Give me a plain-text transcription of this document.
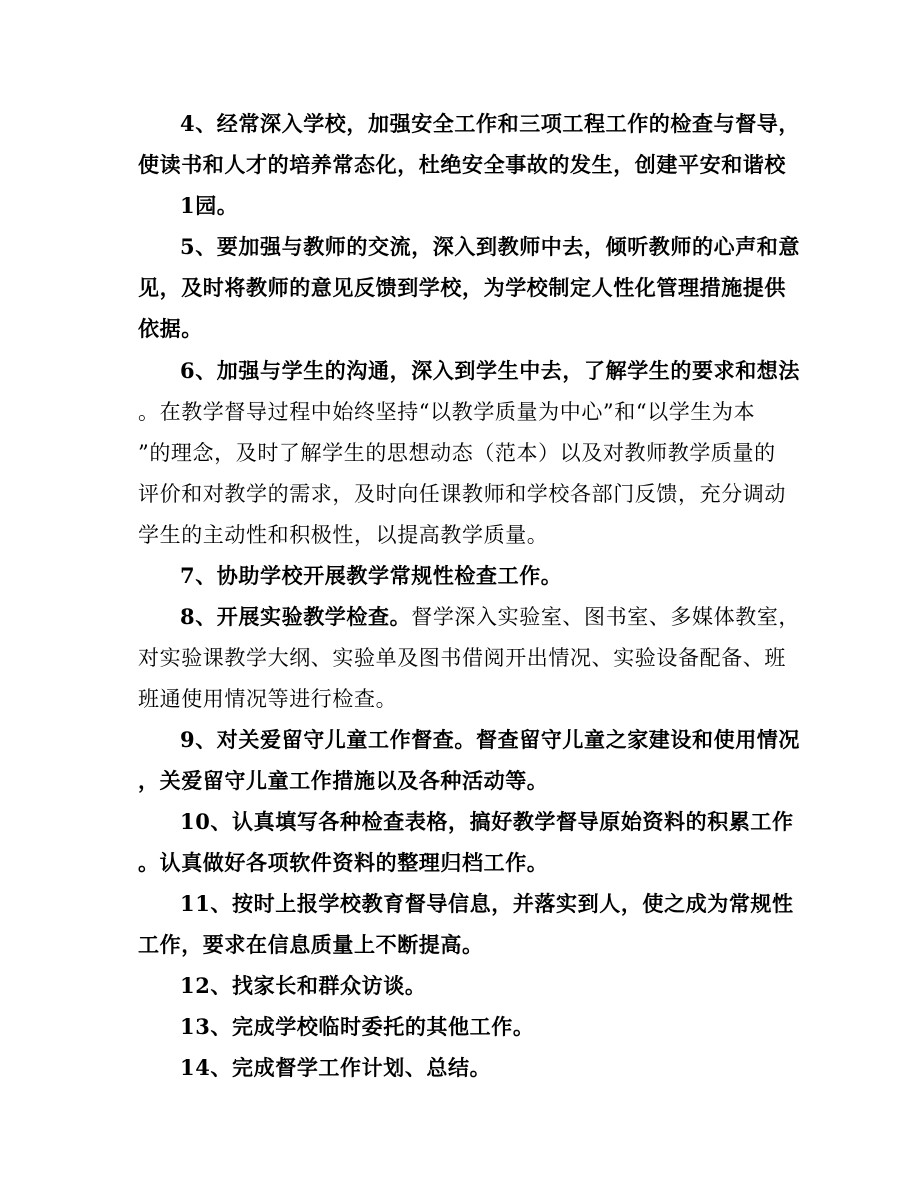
4、经常深入学校，加强安全工作和三项工程工作的检查与督导，
使读书和人才的培养常态化，杜绝安全事故的发生，创建平安和谐校
1园。
5、要加强与教师的交流，深入到教师中去，倾听教师的心声和意
见，及时将教师的意见反馈到学校，为学校制定人性化管理措施提供
依据。
6、加强与学生的沟通，深入到学生中去，了解学生的要求和想法
。在教学督导过程中始终坚持“以教学质量为中心”和“以学生为本
”的理念，及时了解学生的思想动态（范本）以及对教师教学质量的
评价和对教学的需求，及时向任课教师和学校各部门反馈，充分调动
学生的主动性和积极性，以提高教学质量。
7、协助学校开展教学常规性检查工作。
8、开展实验教学检查。督学深入实验室、图书室、多媒体教室，
对实验课教学大纲、实验单及图书借阅开出情况、实验设备配备、班
班通使用情况等进行检查。
9、对关爱留守儿童工作督查。督查留守儿童之家建设和使用情况
，关爱留守儿童工作措施以及各种活动等。
10、认真填写各种检查表格，搞好教学督导原始资料的积累工作
。认真做好各项软件资料的整理归档工作。
11、按时上报学校教育督导信息，并落实到人，使之成为常规性
工作，要求在信息质量上不断提高。
12、找家长和群众访谈。
13、完成学校临时委托的其他工作。
14、完成督学工作计划、总结。
